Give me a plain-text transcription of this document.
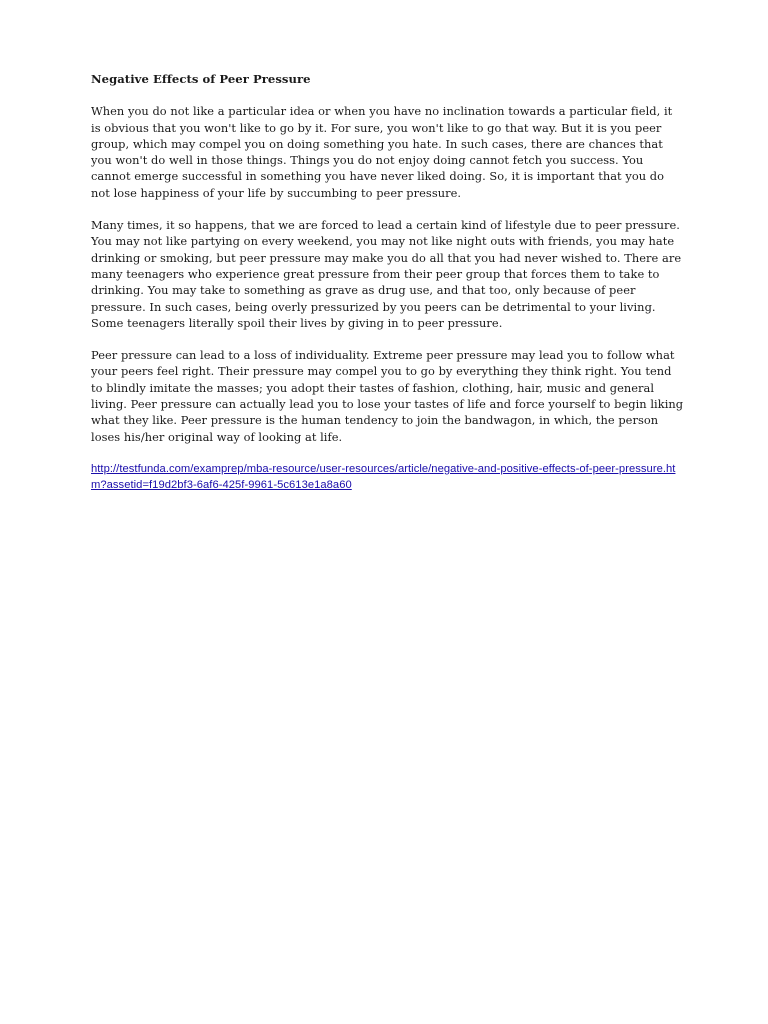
Negative Effects of Peer Pressure

When you do not like a particular idea or when you have no inclination towards a particular field, it is obvious that you won't like to go by it. For sure, you won't like to go that way. But it is you peer group, which may compel you on doing something you hate. In such cases, there are chances that you won't do well in those things. Things you do not enjoy doing cannot fetch you success. You cannot emerge successful in something you have never liked doing. So, it is important that you do not lose happiness of your life by succumbing to peer pressure.

Many times, it so happens, that we are forced to lead a certain kind of lifestyle due to peer pressure. You may not like partying on every weekend, you may not like night outs with friends, you may hate drinking or smoking, but peer pressure may make you do all that you had never wished to. There are many teenagers who experience great pressure from their peer group that forces them to take to drinking. You may take to something as grave as drug use, and that too, only because of peer pressure. In such cases, being overly pressurized by you peers can be detrimental to your living. Some teenagers literally spoil their lives by giving in to peer pressure.

Peer pressure can lead to a loss of individuality. Extreme peer pressure may lead you to follow what your peers feel right. Their pressure may compel you to go by everything they think right. You tend to blindly imitate the masses; you adopt their tastes of fashion, clothing, hair, music and general living. Peer pressure can actually lead you to lose your tastes of life and force yourself to begin liking what they like. Peer pressure is the human tendency to join the bandwagon, in which, the person loses his/her original way of looking at life.

http://testfunda.com/examprep/mba-resource/user-resources/article/negative-and-positive-effects-of-peer-pressure.htm?assetid=f19d2bf3-6af6-425f-9961-5c613e1a8a60
